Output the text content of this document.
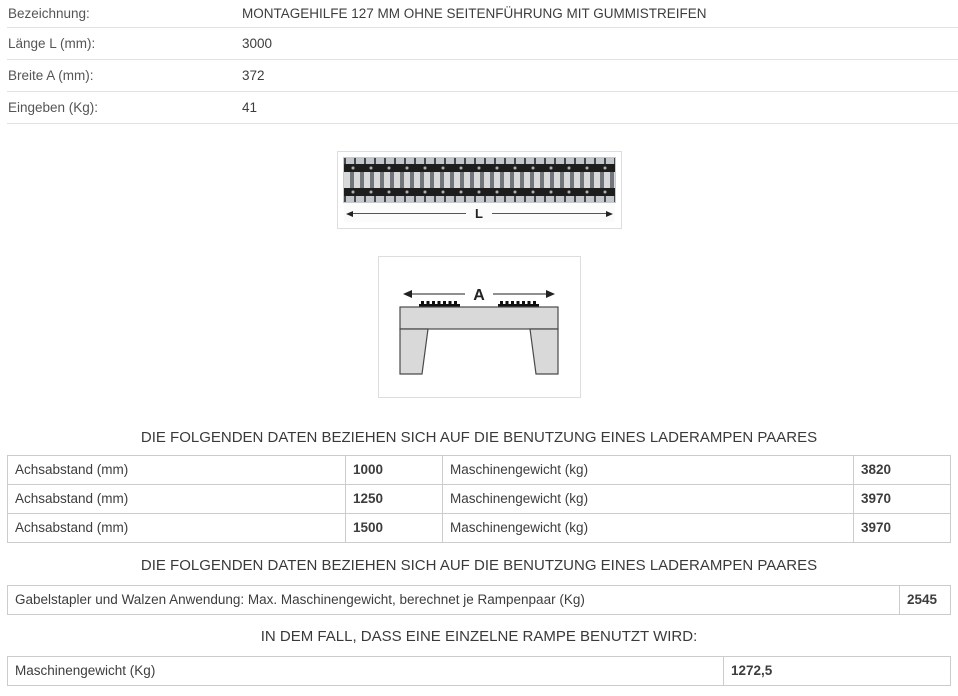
Bezeichnung:	MONTAGEHILFE 127 MM OHNE SEITENFÜHRUNG MIT GUMMISTREIFEN
Länge L (mm):	3000
Breite A (mm):	372
Eingeben (Kg):	41
L
A

DIE FOLGENDEN DATEN BEZIEHEN SICH AUF DIE BENUTZUNG EINES LADERAMPEN PAARES

Achsabstand (mm)	1000	Maschinengewicht (kg)	3820
Achsabstand (mm)	1250	Maschinengewicht (kg)	3970
Achsabstand (mm)	1500	Maschinengewicht (kg)	3970

DIE FOLGENDEN DATEN BEZIEHEN SICH AUF DIE BENUTZUNG EINES LADERAMPEN PAARES

Gabelstapler und Walzen Anwendung: Max. Maschinengewicht, berechnet je Rampenpaar (Kg)	2545

IN DEM FALL, DASS EINE EINZELNE RAMPE BENUTZT WIRD:

Maschinengewicht (Kg)	1272,5
